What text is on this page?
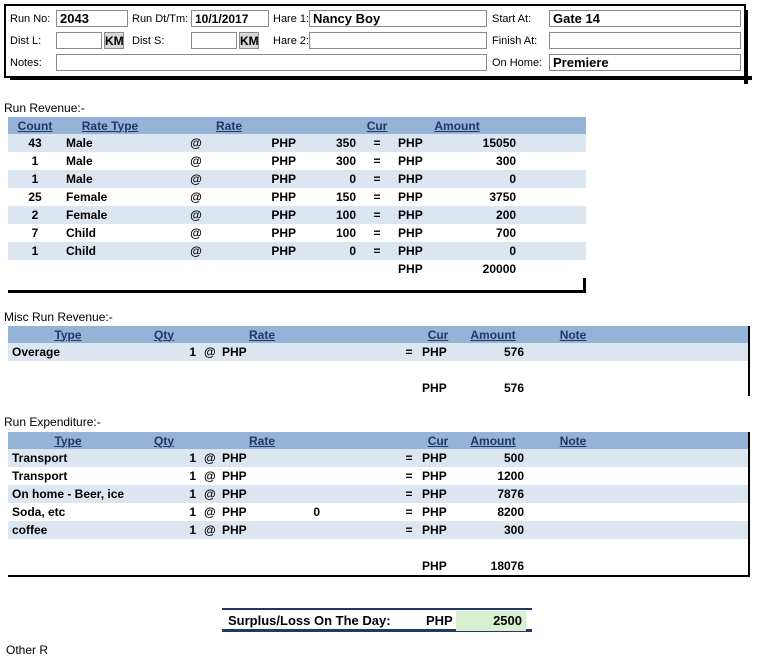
Run No: 2043	Run Dt/Tm: 10/1/2017	Hare 1: Nancy Boy	Start At:	Gate 14
Dist L:	KM Dist S:	KM Hare 2:	Finish At:
Notes:	On Home: Premiere
Run Revenue:-
Count	Rate Type	Rate				Cur	Amount		
43	Male	@		PHP	350	=	PHP	15050	
1	Male	@		PHP	300	=	PHP	300	
1	Male	@		PHP	0	=	PHP	0	
25	Female	@		PHP	150	=	PHP	3750	
2	Female	@		PHP	100	=	PHP	200	
7	Child	@		PHP	100	=	PHP	700	
1	Child	@		PHP	0	=	PHP	0	
							PHP	20000	
Misc Run Revenue:-
Type	Qty	Rate					Cur	Amount	Note	
Overage	1	@	PHP			=	PHP	576		

							PHP	576		
Run Expenditure:-
Type	Qty	Rate					Cur	Amount	Note	
Transport	1	@	PHP			=	PHP	500		
Transport	1	@	PHP			=	PHP	1200		
On home - Beer, ice	1	@	PHP			=	PHP	7876		
Soda, etc	1	@	PHP	0		=	PHP	8200		
coffee	1	@	PHP			=	PHP	300		

							PHP	18076		
Surplus/Loss On The Day:	PHP	2500
Other R
